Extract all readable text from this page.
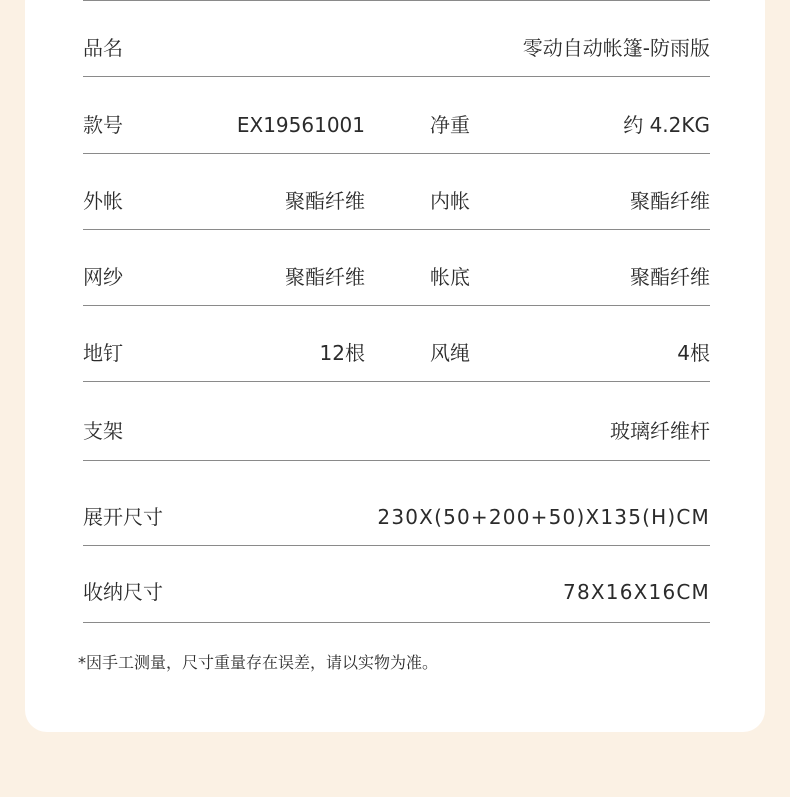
品名	零动自动帐篷-防雨版
款号	EX19561001	净重	约 4.2KG
外帐	聚酯纤维	内帐	聚酯纤维
网纱	聚酯纤维	帐底	聚酯纤维
地钉	12根	风绳	4根
支架	玻璃纤维杆
展开尺寸	230X(50+200+50)X135(H)CM
收纳尺寸	78X16X16CM
*因手工测量，尺寸重量存在误差，请以实物为准。
